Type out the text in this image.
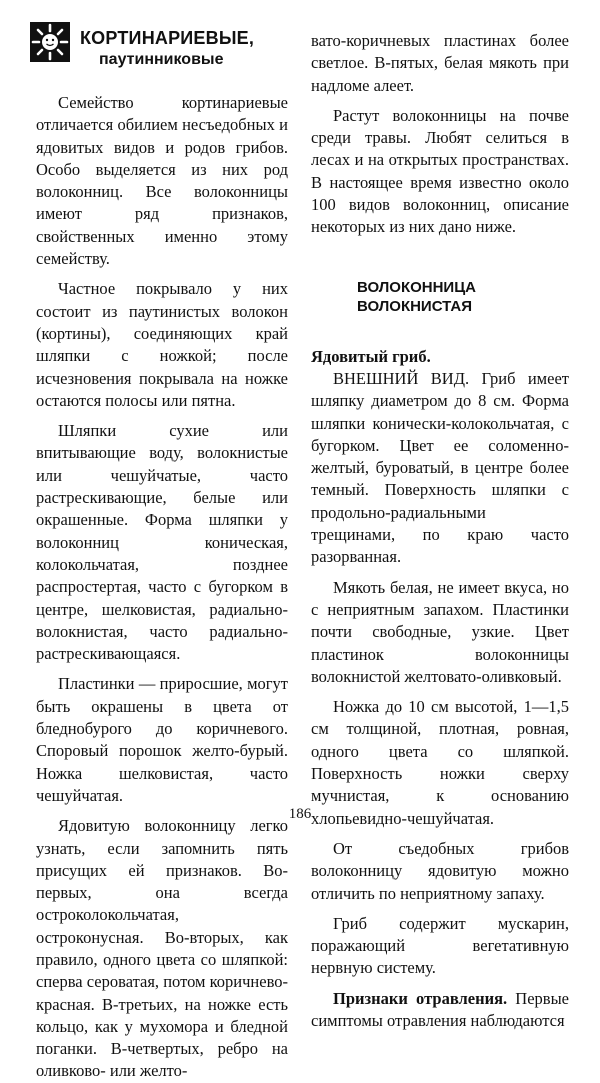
КОРТИНАРИЕВЫЕ,
паутинниковые

Семейство кортинариевые отличается обилием несъедобных и ядовитых видов и родов грибов. Особо выделяется из них род волоконниц. Все волоконницы имеют ряд признаков, свойственных именно этому семейству.

Частное покрывало у них состоит из паутинистых волокон (кортины), соединяющих край шляпки с ножкой; после исчезновения покрывала на ножке остаются полосы или пятна.

Шляпки сухие или впитывающие воду, волокнистые или чешуйчатые, часто растрескивающие, белые или окрашенные. Форма шляпки у волоконниц коническая, колокольчатая, позднее распростертая, часто с бугорком в центре, шелковистая, радиально-волокнистая, часто радиально-растрескивающаяся.

Пластинки — приросшие, могут быть окрашены в цвета от бледнобурого до коричневого. Споровый порошок желто-бурый. Ножка шелковистая, часто чешуйчатая.

Ядовитую волоконницу легко узнать, если запомнить пять присущих ей признаков. Во-первых, она всегда остроколокольчатая, остроконусная. Во-вторых, как правило, одного цвета со шляпкой: сперва сероватая, потом коричнево-красная. В-третьих, на ножке есть кольцо, как у мухомора и бледной поганки. В-четвертых, ребро на оливково- или желто-

вато-коричневых пластинах более светлое. В-пятых, белая мякоть при надломе алеет.

Растут волоконницы на почве среди травы. Любят селиться в лесах и на открытых пространствах. В настоящее время известно около 100 видов волоконниц, описание некоторых из них дано ниже.

ВОЛОКОННИЦА
ВОЛОКНИСТАЯ

Ядовитый гриб.

ВНЕШНИЙ ВИД. Гриб имеет шляпку диаметром до 8 см. Форма шляпки конически-колокольчатая, с бугорком. Цвет ее соломенно-желтый, буроватый, в центре более темный. Поверхность шляпки с продольно-радиальными трещинами, по краю часто разорванная.

Мякоть белая, не имеет вкуса, но с неприятным запахом. Пластинки почти свободные, узкие. Цвет пластинок волоконницы волокнистой желтовато-оливковый.

Ножка до 10 см высотой, 1—1,5 см толщиной, плотная, ровная, одного цвета со шляпкой. Поверхность ножки сверху мучнистая, к основанию хлопьевидно-чешуйчатая.

От съедобных грибов волоконницу ядовитую можно отличить по неприятному запаху.

Гриб содержит мускарин, поражающий вегетативную нервную систему.

Признаки отравления. Первые симптомы отравления наблюдаются

186
